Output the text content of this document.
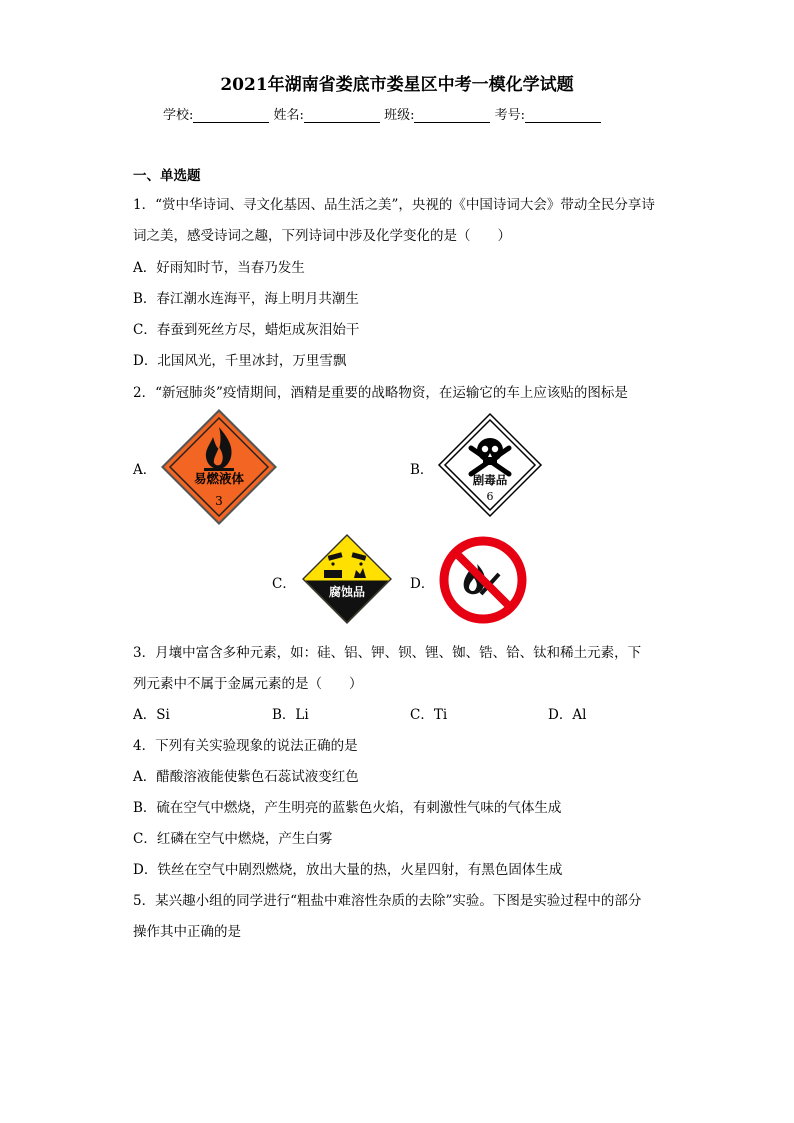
2021年湖南省娄底市娄星区中考一模化学试题
学校:	姓名:	班级:	考号:
一、单选题
1．“赏中华诗词、寻文化基因、品生活之美”，央视的《中国诗词大会》带动全民分享诗
词之美，感受诗词之趣，下列诗词中涉及化学变化的是（　　）
A．好雨知时节，当春乃发生
B．春江潮水连海平，海上明月共潮生
C．春蚕到死丝方尽，蜡炬成灰泪始干
D．北国风光，千里冰封，万里雪飘
2．“新冠肺炎”疫情期间，酒精是重要的战略物资，在运输它的车上应该贴的图标是
A．
易燃液体
3
B．
剧毒品
6
C．	腐蚀品	D．
3．月壤中富含多种元素，如：硅、铝、钾、钡、锂、铷、锆、铪、钛和稀土元素，下
列元素中不属于金属元素的是（　　）
A．Si	B．Li	C．Ti	D．Al
4．下列有关实验现象的说法正确的是
A．醋酸溶液能使紫色石蕊试液变红色
B．硫在空气中燃烧，产生明亮的蓝紫色火焰，有刺激性气味的气体生成
C．红磷在空气中燃烧，产生白雾
D．铁丝在空气中剧烈燃烧，放出大量的热，火星四射，有黑色固体生成
5．某兴趣小组的同学进行“粗盐中难溶性杂质的去除”实验。下图是实验过程中的部分
操作其中正确的是
